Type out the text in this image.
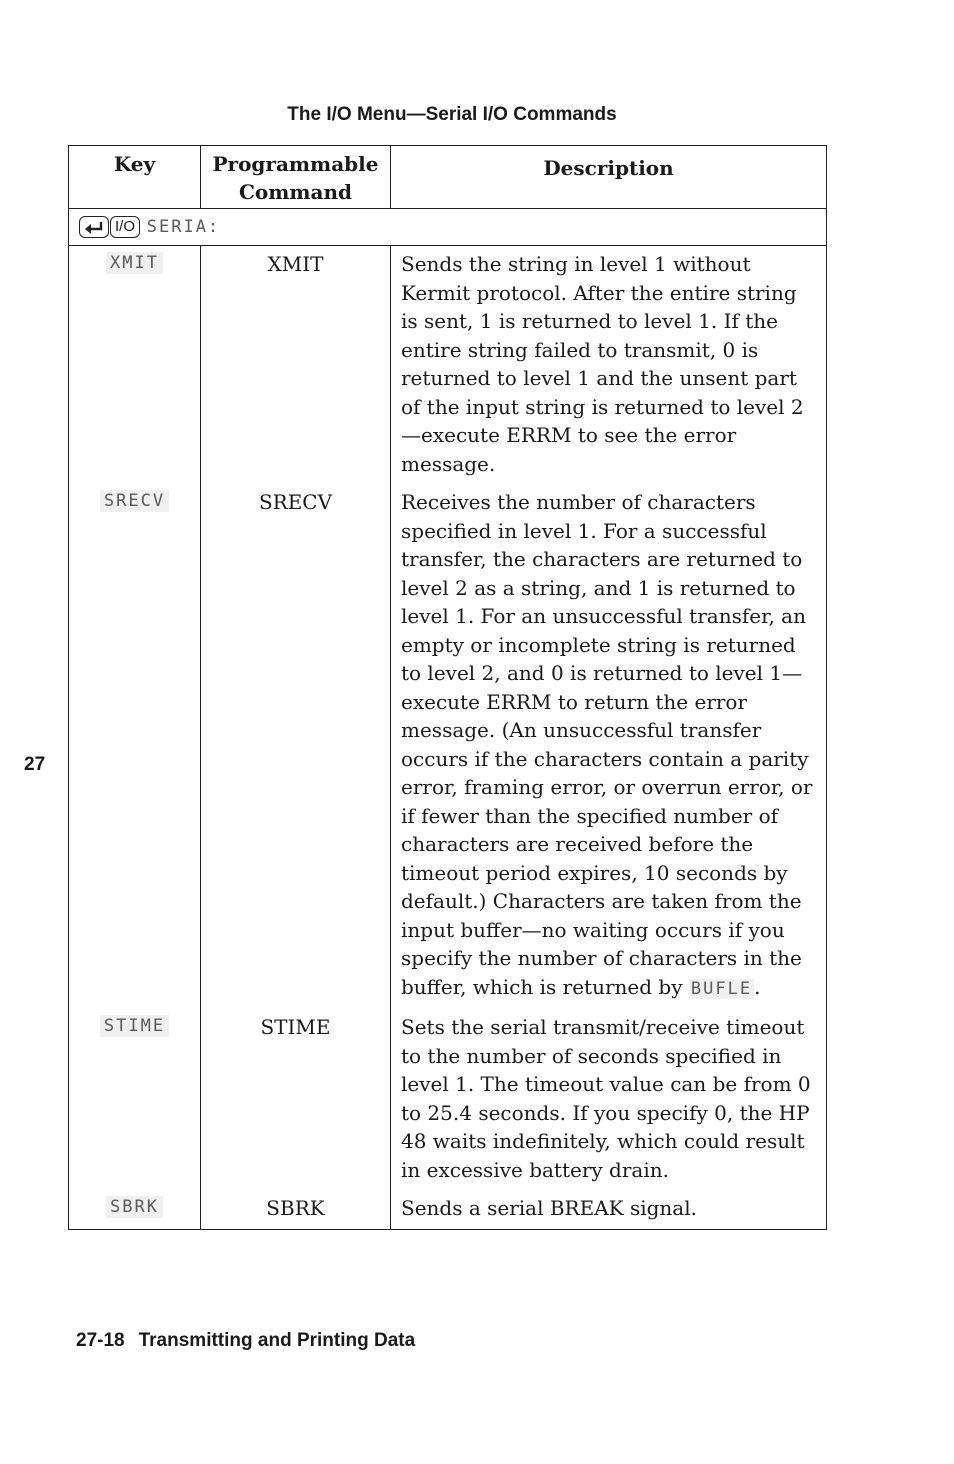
The I/O Menu—Serial I/O Commands
Key	Programmable Command	Description
I/O SERIA:		
XMIT	XMIT	Sends the string in level 1 without Kermit protocol. After the entire string is sent, 1 is returned to level 1. If the entire string failed to transmit, 0 is returned to level 1 and the unsent part of the input string is returned to level 2—execute ERRM to see the error message.
SRECV	SRECV	Receives the number of characters specified in level 1. For a successful transfer, the characters are returned to level 2 as a string, and 1 is returned to level 1. For an unsuccessful transfer, an empty or incomplete string is returned to level 2, and 0 is returned to level 1—execute ERRM to return the error message. (An unsuccessful transfer occurs if the characters contain a parity error, framing error, or overrun error, or if fewer than the specified number of characters are received before the timeout period expires, 10 seconds by default.) Characters are taken from the input buffer—no waiting occurs if you specify the number of characters in the buffer, which is returned by BUFLE .
STIME	STIME	Sets the serial transmit/receive timeout to the number of seconds specified in level 1. The timeout value can be from 0 to 25.4 seconds. If you specify 0, the HP 48 waits indefinitely, which could result in excessive battery drain.
SBRK	SBRK	Sends a serial BREAK signal.
27
27-18 Transmitting and Printing Data
